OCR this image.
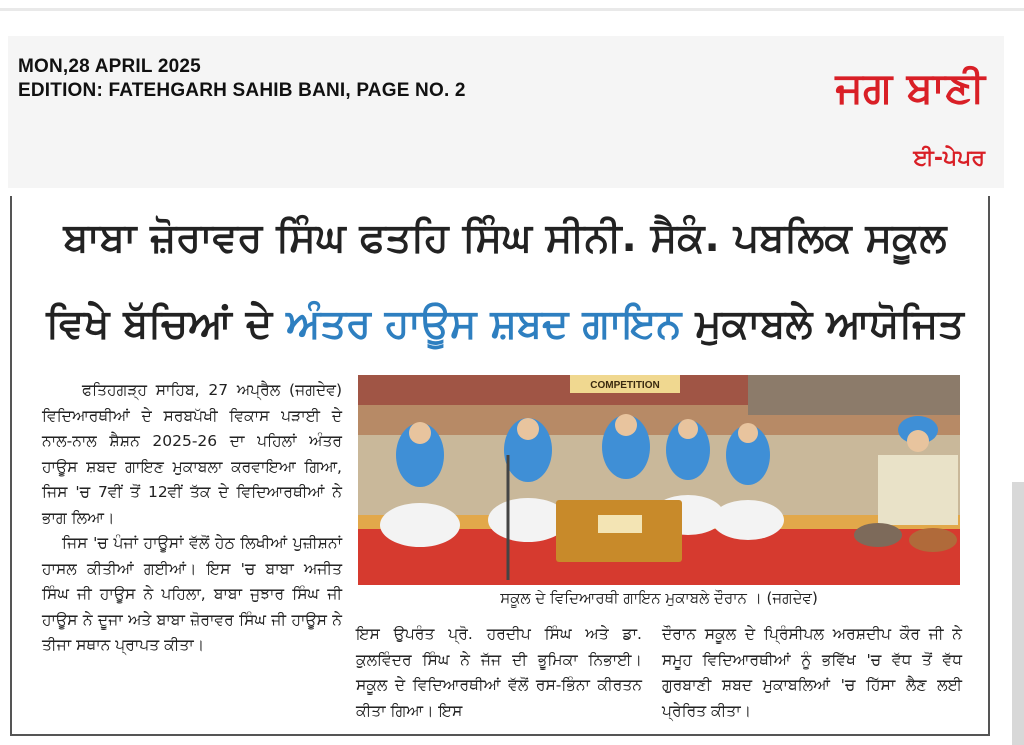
MON,28 APRIL 2025
EDITION: FATEHGARH SAHIB BANI, PAGE NO. 2	ਜਗ ਬਾਣੀ
ਈ-ਪੇਪਰ
ਬਾਬਾ ਜ਼ੋਰਾਵਰ ਸਿੰਘ ਫਤਹਿ ਸਿੰਘ ਸੀਨੀ. ਸੈਕੰ. ਪਬਲਿਕ ਸਕੂਲ
ਵਿਖੇ ਬੱਚਿਆਂ ਦੇ ਅੰਤਰ ਹਾਊਸ ਸ਼ਬਦ ਗਾਇਨ ਮੁਕਾਬਲੇ ਆਯੋਜਿਤ

ਫਤਿਹਗੜ੍ਹ ਸਾਹਿਬ, 27 ਅਪ੍ਰੈਲ (ਜਗਦੇਵ) ਵਿਦਿਆਰਥੀਆਂ ਦੇ ਸਰਬਪੱਖੀ ਵਿਕਾਸ ਪੜਾਈ ਦੇ ਨਾਲ-ਨਾਲ ਸ਼ੈਸ਼ਨ 2025-26 ਦਾ ਪਹਿਲਾਂ ਅੰਤਰ ਹਾਊਸ ਸ਼ਬਦ ਗਾਇਣ ਮੁਕਾਬਲਾ ਕਰਵਾਇਆ ਗਿਆ, ਜਿਸ 'ਚ 7ਵੀਂ ਤੋਂ 12ਵੀਂ ਤੱਕ ਦੇ ਵਿਦਿਆਰਥੀਆਂ ਨੇ ਭਾਗ ਲਿਆ।

ਜਿਸ 'ਚ ਪੰਜਾਂ ਹਾਊਸਾਂ ਵੱਲੋਂ ਹੇਠ ਲਿਖੀਆਂ ਪੁਜ਼ੀਸ਼ਨਾਂ ਹਾਸਲ ਕੀਤੀਆਂ ਗਈਆਂ। ਇਸ 'ਚ ਬਾਬਾ ਅਜੀਤ ਸਿੰਘ ਜੀ ਹਾਊਸ ਨੇ ਪਹਿਲਾ, ਬਾਬਾ ਜੁਝਾਰ ਸਿੰਘ ਜੀ ਹਾਊਸ ਨੇ ਦੂਜਾ ਅਤੇ ਬਾਬਾ ਜ਼ੋਰਾਵਰ ਸਿੰਘ ਜੀ ਹਾਊਸ ਨੇ ਤੀਜਾ ਸਥਾਨ ਪ੍ਰਾਪਤ ਕੀਤਾ।

COMPETITION
ਸਕੂਲ ਦੇ ਵਿਦਿਆਰਥੀ ਗਾਇਨ ਮੁਕਾਬਲੇ ਦੌਰਾਨ । (ਜਗਦੇਵ)

ਇਸ ਉਪਰੰਤ ਪ੍ਰੋ. ਹਰਦੀਪ ਸਿੰਘ ਅਤੇ ਡਾ. ਕੁਲਵਿੰਦਰ ਸਿੰਘ ਨੇ ਜੱਜ ਦੀ ਭੂਮਿਕਾ ਨਿਭਾਈ। ਸਕੂਲ ਦੇ ਵਿਦਿਆਰਥੀਆਂ ਵੱਲੋਂ ਰਸ-ਭਿੰਨਾ ਕੀਰਤਨ ਕੀਤਾ ਗਿਆ। ਇਸ

ਦੌਰਾਨ ਸਕੂਲ ਦੇ ਪ੍ਰਿੰਸੀਪਲ ਅਰਸ਼ਦੀਪ ਕੌਰ ਜੀ ਨੇ ਸਮੂਹ ਵਿਦਿਆਰਥੀਆਂ ਨੂੰ ਭਵਿੱਖ 'ਚ ਵੱਧ ਤੋਂ ਵੱਧ ਗੁਰਬਾਣੀ ਸ਼ਬਦ ਮੁਕਾਬਲਿਆਂ 'ਚ ਹਿੱਸਾ ਲੈਣ ਲਈ ਪ੍ਰੇਰਿਤ ਕੀਤਾ।
